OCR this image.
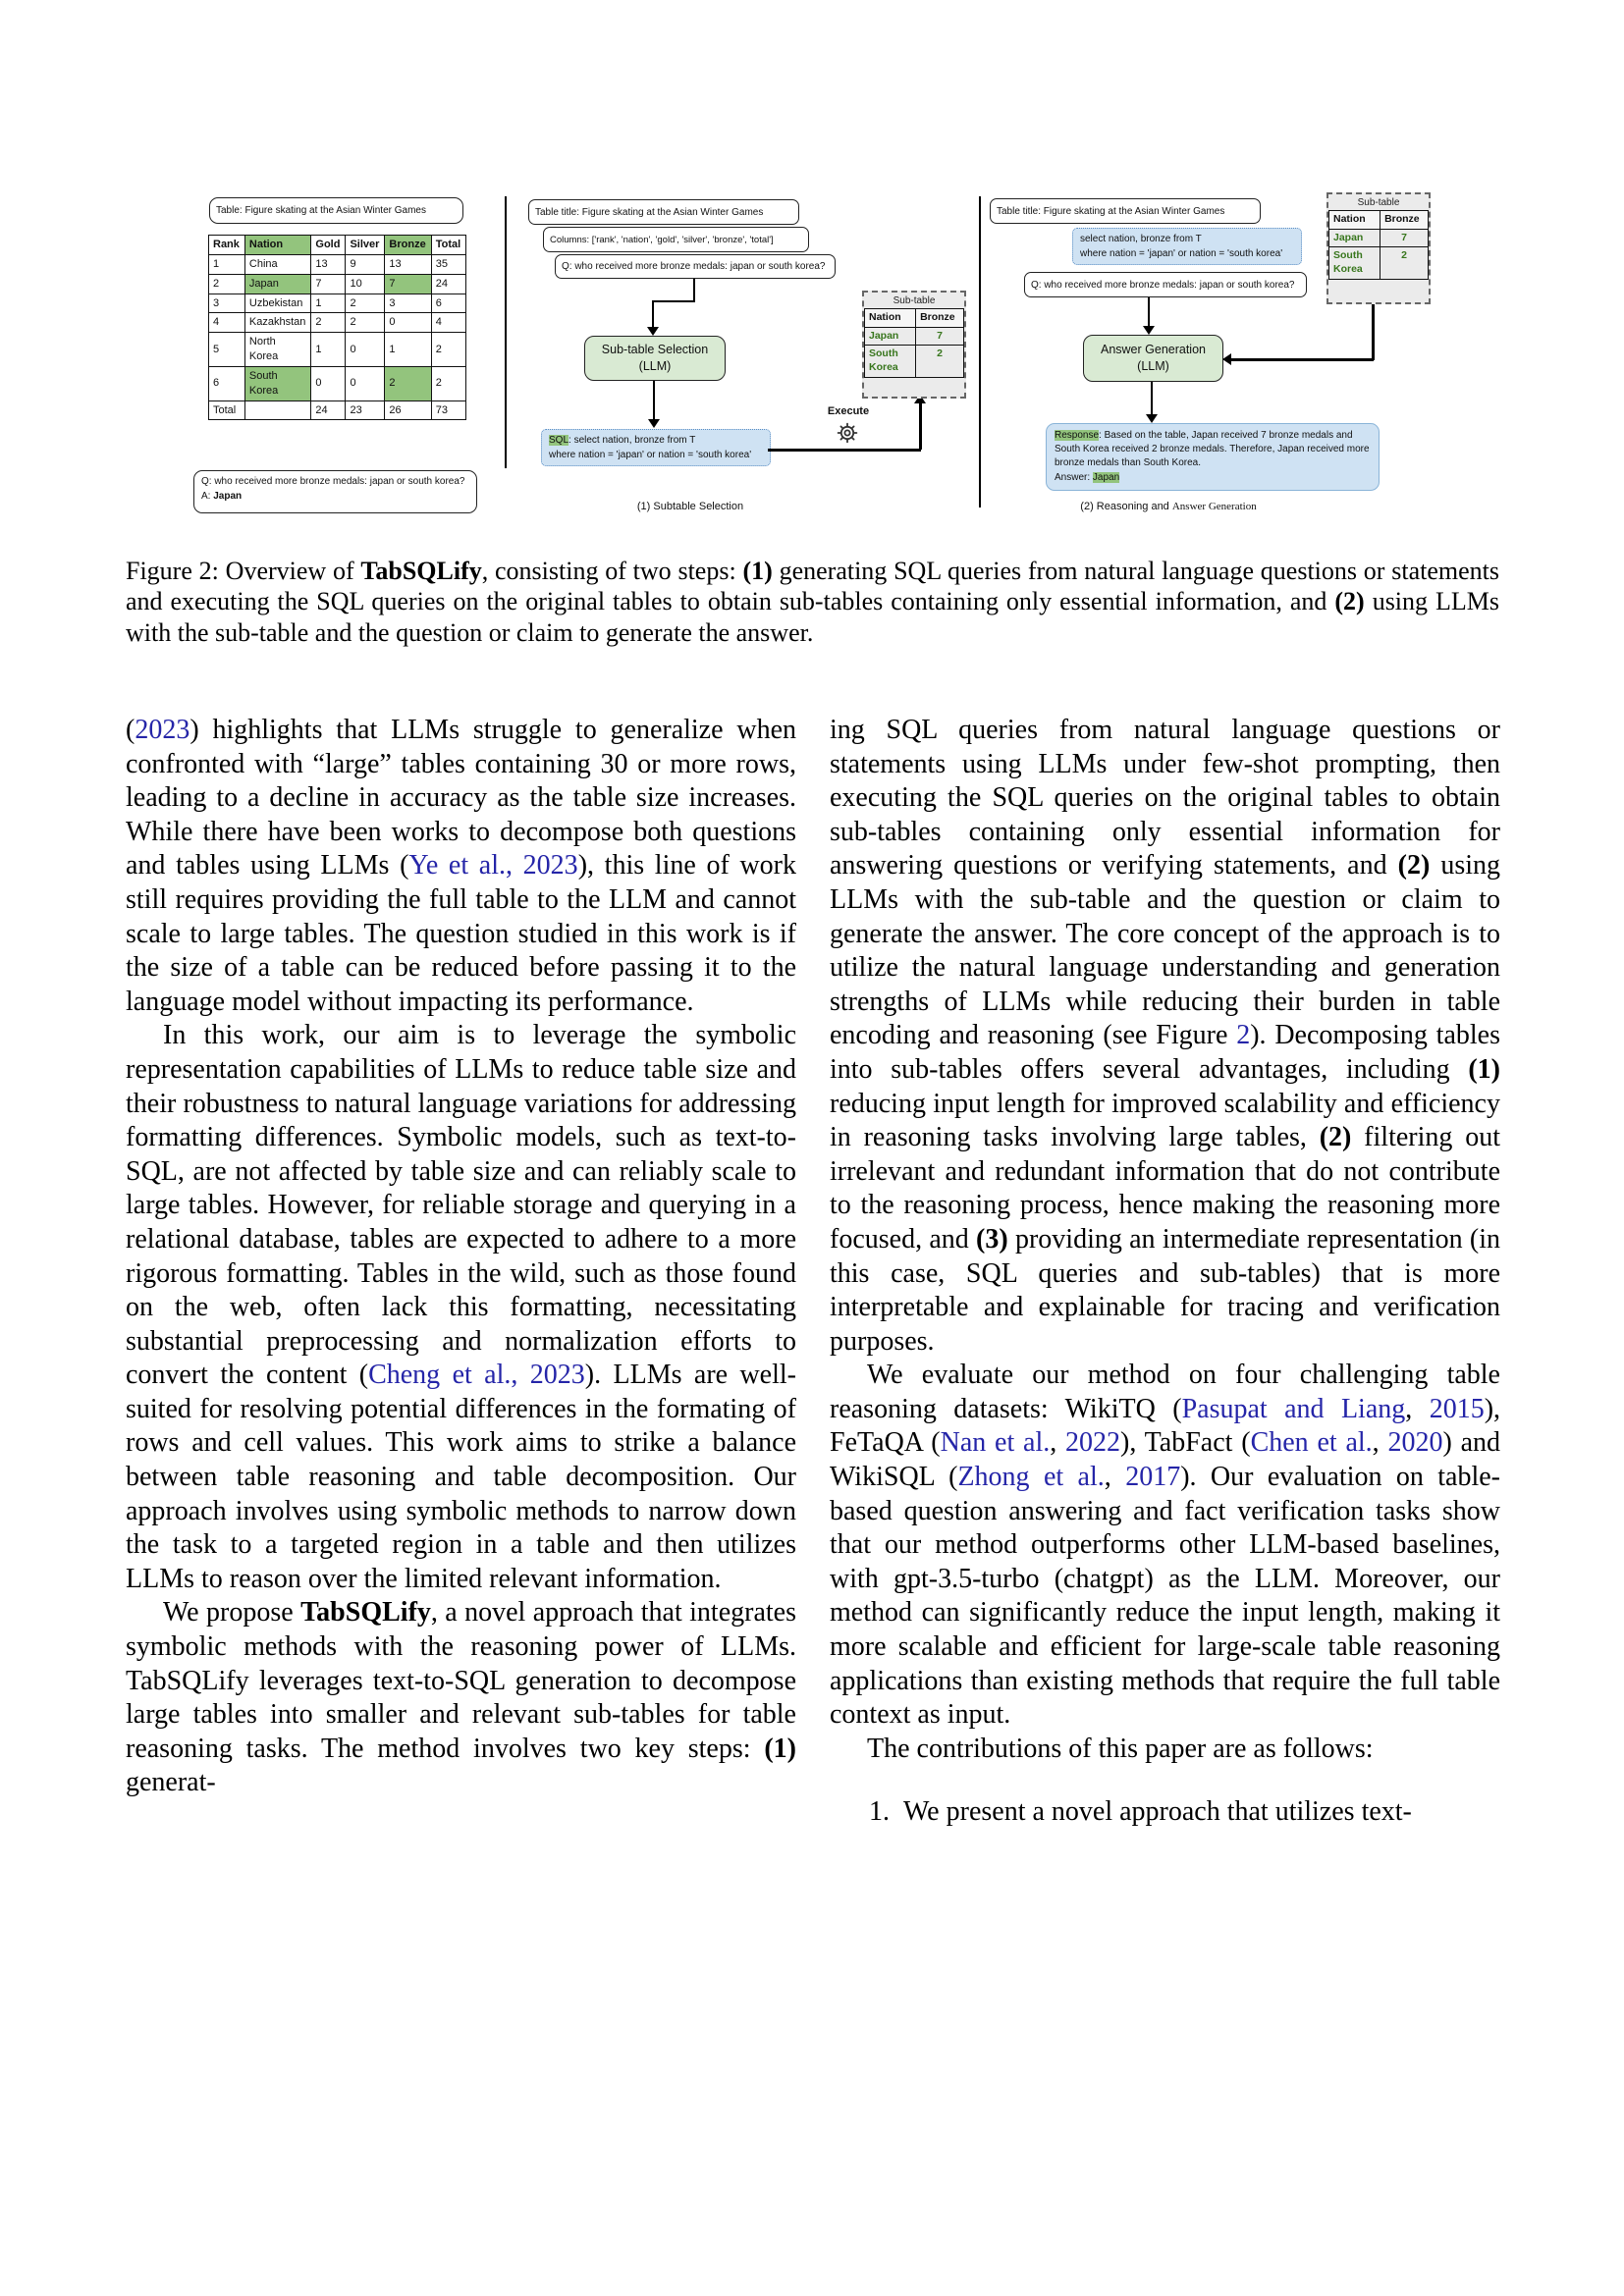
Table: Figure skating at the Asian Winter Games
Rank	Nation	Gold	Silver	Bronze	Total
1	China	13	9	13	35
2	Japan	7	10	7	24
3	Uzbekistan	1	2	3	6
4	Kazakhstan	2	2	0	4
5	North Korea	1	0	1	2
6	South Korea	0	0	2	2
Total		24	23	26	73
Q: who received more bronze medals: japan or south korea?
A: Japan
Table title: Figure skating at the Asian Winter Games
Columns: ['rank', 'nation', 'gold', 'silver', 'bronze', 'total']
Q: who received more bronze medals: japan or south korea?
Sub-table Selection
(LLM)
SQL: select nation, bronze from T
where nation = 'japan' or nation = 'south korea'
Execute
Sub-table
Nation	Bronze
Japan	7
South Korea	2
(1) Subtable Selection
Table title: Figure skating at the Asian Winter Games
select nation, bronze from T
where nation = 'japan' or nation = 'south korea'
Q: who received more bronze medals: japan or south korea?
Answer Generation
(LLM)
Response: Based on the table, Japan received 7 bronze medals and South Korea received 2 bronze medals. Therefore, Japan received more bronze medals than South Korea.
Answer: Japan
Sub-table
Nation	Bronze
Japan	7
South Korea	2
(2) Reasoning and Answer Generation
Figure 2: Overview of TabSQLify, consisting of two steps: (1) generating SQL queries from natural language questions or statements and executing the SQL queries on the original tables to obtain sub-tables containing only essential information, and (2) using LLMs with the sub-table and the question or claim to generate the answer.

(2023) highlights that LLMs struggle to generalize when confronted with “large” tables containing 30 or more rows, leading to a decline in accuracy as the table size increases. While there have been works to decompose both questions and tables using LLMs (Ye et al., 2023), this line of work still requires providing the full table to the LLM and cannot scale to large tables. The question studied in this work is if the size of a table can be reduced before passing it to the language model without impacting its performance.

In this work, our aim is to leverage the symbolic representation capabilities of LLMs to reduce table size and their robustness to natural language variations for addressing formatting differences. Symbolic models, such as text-to-SQL, are not affected by table size and can reliably scale to large tables. However, for reliable storage and querying in a relational database, tables are expected to adhere to a more rigorous formatting. Tables in the wild, such as those found on the web, often lack this formatting, necessitating substantial preprocessing and normalization efforts to convert the content (Cheng et al., 2023). LLMs are well-suited for resolving potential differences in the formating of rows and cell values. This work aims to strike a balance between table reasoning and table decomposition. Our approach involves using symbolic methods to narrow down the task to a targeted region in a table and then utilizes LLMs to reason over the limited relevant information.

We propose TabSQLify, a novel approach that integrates symbolic methods with the reasoning power of LLMs. TabSQLify leverages text-to-SQL generation to decompose large tables into smaller and relevant sub-tables for table reasoning tasks. The method involves two key steps: (1) generat-

ing SQL queries from natural language questions or statements using LLMs under few-shot prompting, then executing the SQL queries on the original tables to obtain sub-tables containing only essential information for answering questions or verifying statements, and (2) using LLMs with the sub-table and the question or claim to generate the answer. The core concept of the approach is to utilize the natural language understanding and generation strengths of LLMs while reducing their burden in table encoding and reasoning (see Figure 2). Decomposing tables into sub-tables offers several advantages, including (1) reducing input length for improved scalability and efficiency in reasoning tasks involving large tables, (2) filtering out irrelevant and redundant information that do not contribute to the reasoning process, hence making the reasoning more focused, and (3) providing an intermediate representation (in this case, SQL queries and sub-tables) that is more interpretable and explainable for tracing and verification purposes.

We evaluate our method on four challenging table reasoning datasets: WikiTQ (Pasupat and Liang, 2015), FeTaQA (Nan et al., 2022), TabFact (Chen et al., 2020) and WikiSQL (Zhong et al., 2017). Our evaluation on table-based question answering and fact verification tasks show that our method outperforms other LLM-based baselines, with gpt-3.5-turbo (chatgpt) as the LLM. Moreover, our method can significantly reduce the input length, making it more scalable and efficient for large-scale table reasoning applications than existing methods that require the full table context as input.

The contributions of this paper are as follows:

1. We present a novel approach that utilizes text-
